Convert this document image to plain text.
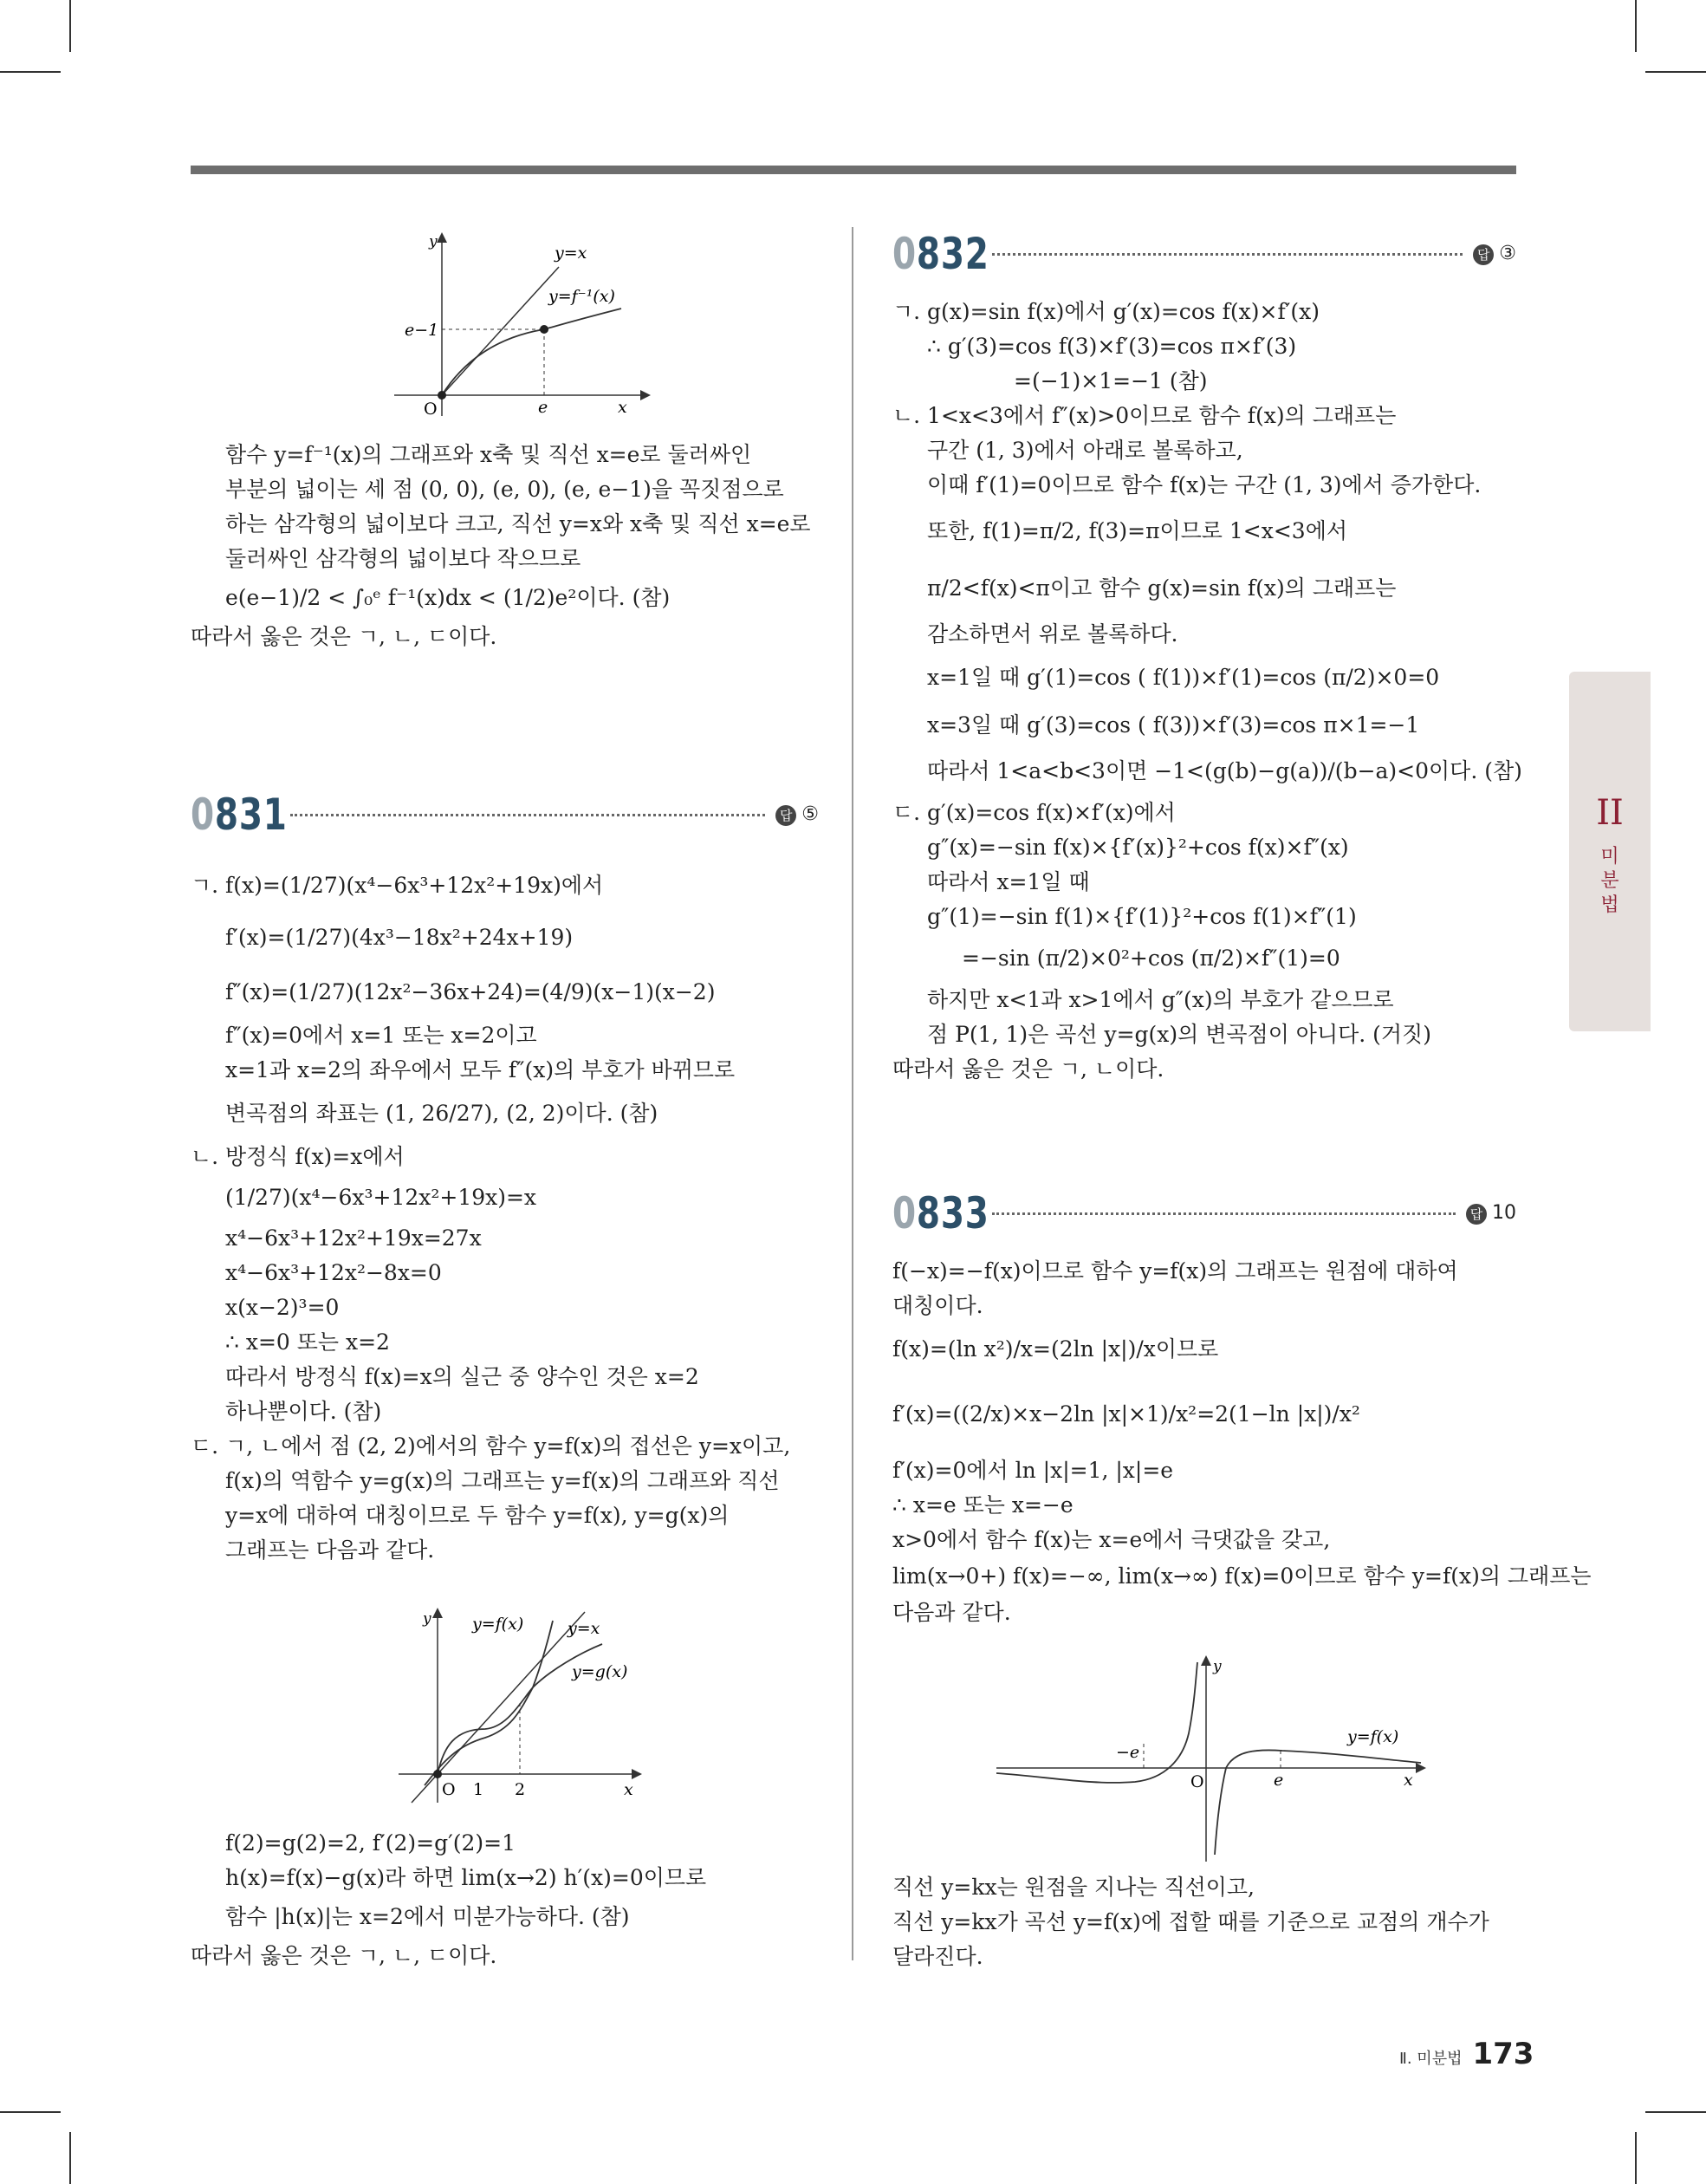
y
y=x
y=f⁻¹(x)
e−1
O	e	x

함수 y=f⁻¹(x)의 그래프와 x축 및 직선 x=e로 둘러싸인

부분의 넓이는 세 점 (0, 0), (e, 0), (e, e−1)을 꼭짓점으로

하는 삼각형의 넓이보다 크고, 직선 y=x와 x축 및 직선 x=e로

둘러싸인 삼각형의 넓이보다 작으므로

e(e−1)/2 < ∫₀ᵉ f⁻¹(x)dx < (1/2)e²이다. (참)

따라서 옳은 것은 ㄱ, ㄴ, ㄷ이다.

0831	답 ⑤

ㄱ. f(x)=(1/27)(x⁴−6x³+12x²+19x)에서

f′(x)=(1/27)(4x³−18x²+24x+19)

f″(x)=(1/27)(12x²−36x+24)=(4/9)(x−1)(x−2)

f″(x)=0에서 x=1 또는 x=2이고

x=1과 x=2의 좌우에서 모두 f″(x)의 부호가 바뀌므로

변곡점의 좌표는 (1, 26/27), (2, 2)이다. (참)

ㄴ. 방정식 f(x)=x에서

(1/27)(x⁴−6x³+12x²+19x)=x

x⁴−6x³+12x²+19x=27x

x⁴−6x³+12x²−8x=0

x(x−2)³=0

∴ x=0 또는 x=2

따라서 방정식 f(x)=x의 실근 중 양수인 것은 x=2

하나뿐이다. (참)

ㄷ. ㄱ, ㄴ에서 점 (2, 2)에서의 함수 y=f(x)의 접선은 y=x이고,

f(x)의 역함수 y=g(x)의 그래프는 y=f(x)의 그래프와 직선

y=x에 대하여 대칭이므로 두 함수 y=f(x), y=g(x)의

그래프는 다음과 같다.

y y=f(x)	y=x
y=g(x)
O 1 2	x

f(2)=g(2)=2, f′(2)=g′(2)=1

h(x)=f(x)−g(x)라 하면 lim(x→2) h′(x)=0이므로

함수 |h(x)|는 x=2에서 미분가능하다. (참)

따라서 옳은 것은 ㄱ, ㄴ, ㄷ이다.

0832	답 ③

ㄱ. g(x)=sin f(x)에서 g′(x)=cos f(x)×f′(x)

∴ g′(3)=cos f(3)×f′(3)=cos π×f′(3)

=(−1)×1=−1 (참)

ㄴ. 1<x<3에서 f″(x)>0이므로 함수 f(x)의 그래프는

구간 (1, 3)에서 아래로 볼록하고,

이때 f′(1)=0이므로 함수 f(x)는 구간 (1, 3)에서 증가한다.

또한, f(1)=π/2, f(3)=π이므로 1<x<3에서

π/2<f(x)<π이고 함수 g(x)=sin f(x)의 그래프는

감소하면서 위로 볼록하다.

x=1일 때 g′(1)=cos ( f(1))×f′(1)=cos (π/2)×0=0

x=3일 때 g′(3)=cos ( f(3))×f′(3)=cos π×1=−1

따라서 1<a<b<3이면 −1<(g(b)−g(a))/(b−a)<0이다. (참)

ㄷ. g′(x)=cos f(x)×f′(x)에서

g″(x)=−sin f(x)×{f′(x)}²+cos f(x)×f″(x)

따라서 x=1일 때

g″(1)=−sin f(1)×{f′(1)}²+cos f(1)×f″(1)

=−sin (π/2)×0²+cos (π/2)×f″(1)=0

하지만 x<1과 x>1에서 g″(x)의 부호가 같으므로

점 P(1, 1)은 곡선 y=g(x)의 변곡점이 아니다. (거짓)

따라서 옳은 것은 ㄱ, ㄴ이다.

0833	답 10

f(−x)=−f(x)이므로 함수 y=f(x)의 그래프는 원점에 대하여

대칭이다.

f(x)=(ln x²)/x=(2ln |x|)/x이므로

f′(x)=((2/x)×x−2ln |x|×1)/x²=2(1−ln |x|)/x²

f′(x)=0에서 ln |x|=1, |x|=e

∴ x=e 또는 x=−e

x>0에서 함수 f(x)는 x=e에서 극댓값을 갖고,

lim(x→0+) f(x)=−∞, lim(x→∞) f(x)=0이므로 함수 y=f(x)의 그래프는

다음과 같다.

y
y=f(x)
−e
O	e	x

직선 y=kx는 원점을 지나는 직선이고,

직선 y=kx가 곡선 y=f(x)에 접할 때를 기준으로 교점의 개수가

달라진다.

II
미
분
법
Ⅱ. 미분법 173
